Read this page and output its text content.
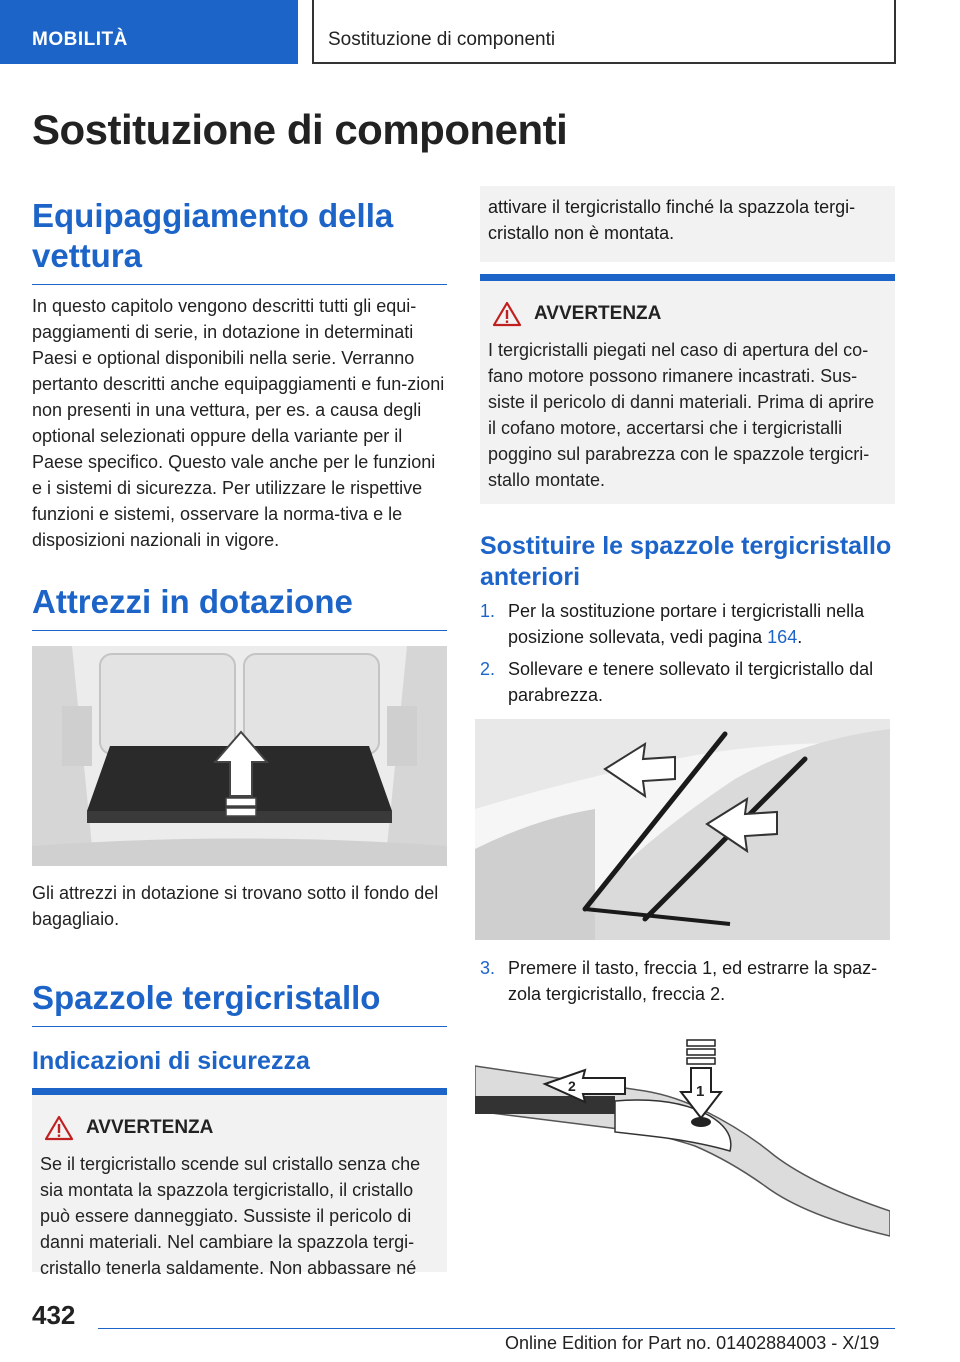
MOBILITÀ	Sostituzione di componenti
Sostituzione di componenti
Equipaggiamento della vettura
In questo capitolo vengono descritti tutti gli equi-paggiamenti di serie, in dotazione in determinati Paesi e optional disponibili nella serie. Verranno pertanto descritti anche equipaggiamenti e fun-zioni non presenti in una vettura, per es. a causa degli optional selezionati oppure della variante per il Paese specifico. Questo vale anche per le funzioni e i sistemi di sicurezza. Per utilizzare le rispettive funzioni e sistemi, osservare la norma-tiva e le disposizioni nazionali in vigore.
Attrezzi in dotazione
Gli attrezzi in dotazione si trovano sotto il fondo del bagagliaio.
Spazzole tergicristallo
Indicazioni di sicurezza
AVVERTENZA
Se il tergicristallo scende sul cristallo senza che sia montata la spazzola tergicristallo, il cristallo può essere danneggiato. Sussiste il pericolo di danni materiali. Nel cambiare la spazzola tergi-cristallo tenerla saldamente. Non abbassare né
attivare il tergicristallo finché la spazzola tergi-cristallo non è montata.
AVVERTENZA
I tergicristalli piegati nel caso di apertura del co-fano motore possono rimanere incastrati. Sus-siste il pericolo di danni materiali. Prima di aprire il cofano motore, accertarsi che i tergicristalli poggino sul parabrezza con le spazzole tergicri-stallo montate.
Sostituire le spazzole tergicristallo anteriori
1. Per la sostituzione portare i tergicristalli nella posizione sollevata, vedi pagina 164.
2. Sollevare e tenere sollevato il tergicristallo dal parabrezza.
3. Premere il tasto, freccia 1, ed estrarre la spaz-zola tergicristallo, freccia 2.
2	1
432
Online Edition for Part no. 01402884003 - X/19
